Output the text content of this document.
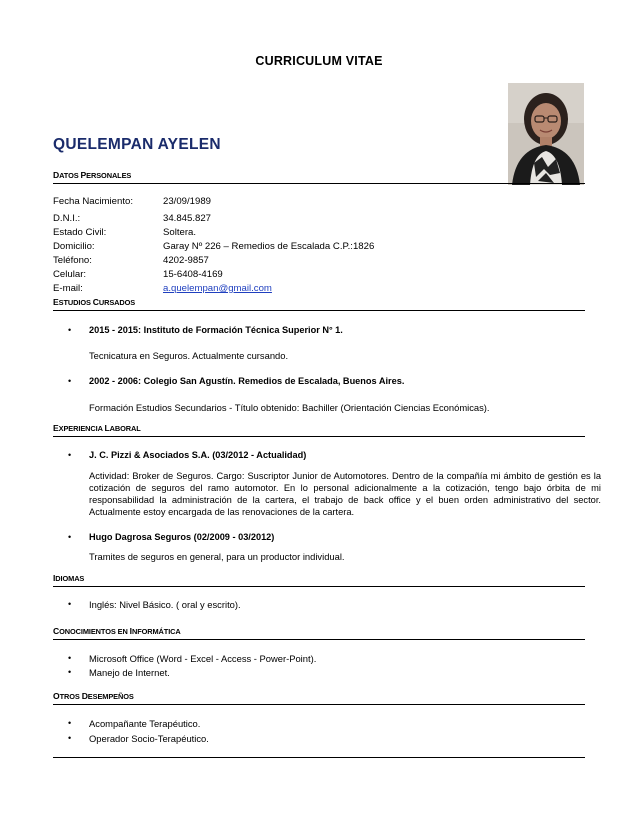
CURRICULUM VITAE
QUELEMPAN AYELEN
DATOS PERSONALES
Fecha Nacimiento:	23/09/1989
D.N.I.:	34.845.827
Estado Civil:	Soltera.
Domicilio:	Garay Nº 226 – Remedios de Escalada C.P.:1826
Teléfono:	4202-9857
Celular:	15-6408-4169
E-mail:	a.quelempan@gmail.com
ESTUDIOS CURSADOS
• 2015 - 2015: Instituto de Formación Técnica Superior N° 1.
Tecnicatura en Seguros. Actualmente cursando.
• 2002 - 2006: Colegio San Agustín. Remedios de Escalada, Buenos Aires.
Formación Estudios Secundarios - Título obtenido: Bachiller (Orientación Ciencias Económicas).
EXPERIENCIA LABORAL
• J. C. Pizzi & Asociados S.A. (03/2012 - Actualidad)
Actividad: Broker de Seguros. Cargo: Suscriptor Junior de Automotores. Dentro de la compañía mi ámbito de gestión es la cotización de seguros del ramo automotor. En lo personal adicionalmente a la cotización, tengo bajo órbita de mi responsabilidad la administración de la cartera, el trabajo de back office y el buen orden administrativo del sector. Actualmente estoy encargada de las renovaciones de la cartera.
• Hugo Dagrosa Seguros (02/2009 - 03/2012)
Tramites de seguros en general, para un productor individual.
IDIOMAS
• Inglés: Nivel Básico. ( oral y escrito).
CONOCIMIENTOS EN INFORMÁTICA
• Microsoft Office (Word - Excel - Access - Power-Point).
• Manejo de Internet.
OTROS DESEMPEÑOS
• Acompañante Terapéutico.
• Operador Socio-Terapéutico.
